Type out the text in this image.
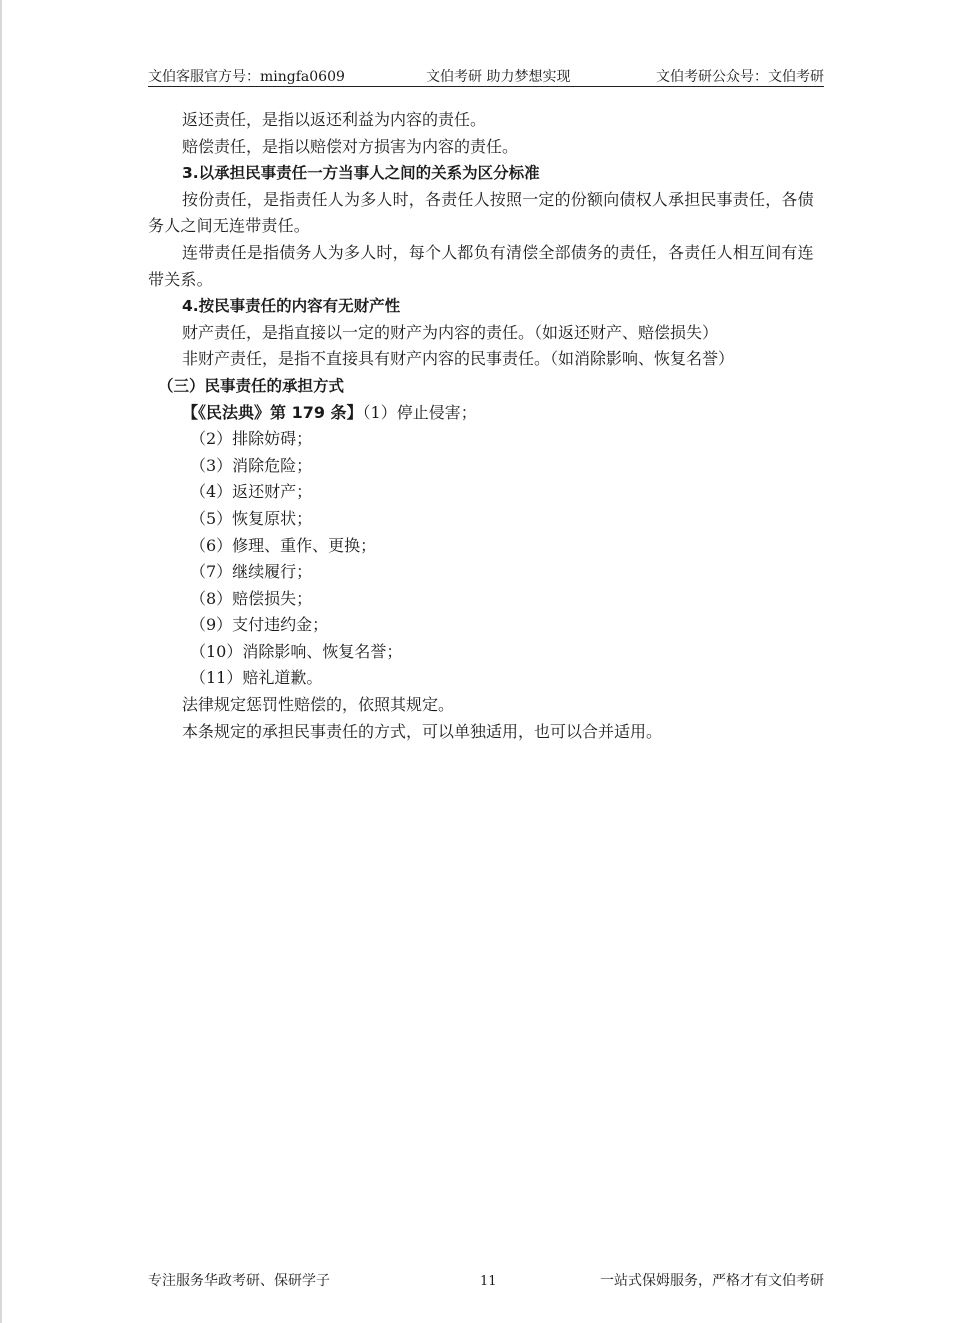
文伯客服官方号：mingfa0609	文伯考研 助力梦想实现	文伯考研公众号：文伯考研

返还责任，是指以返还利益为内容的责任。

赔偿责任，是指以赔偿对方损害为内容的责任。

3.以承担民事责任一方当事人之间的关系为区分标准

按份责任，是指责任人为多人时，各责任人按照一定的份额向债权人承担民事责任，各债务人之间无连带责任。

连带责任是指债务人为多人时，每个人都负有清偿全部债务的责任，各责任人相互间有连带关系。

4.按民事责任的内容有无财产性

财产责任，是指直接以一定的财产为内容的责任。（如返还财产、赔偿损失）

非财产责任，是指不直接具有财产内容的民事责任。（如消除影响、恢复名誉）

（三）民事责任的承担方式

【《民法典》第 179 条】（1）停止侵害；

（2）排除妨碍；

（3）消除危险；

（4）返还财产；

（5）恢复原状；

（6）修理、重作、更换；

（7）继续履行；

（8）赔偿损失；

（9）支付违约金；

（10）消除影响、恢复名誉；

（11）赔礼道歉。

法律规定惩罚性赔偿的，依照其规定。

本条规定的承担民事责任的方式，可以单独适用，也可以合并适用。

专注服务华政考研、保研学子	11	一站式保姆服务，严格才有文伯考研
